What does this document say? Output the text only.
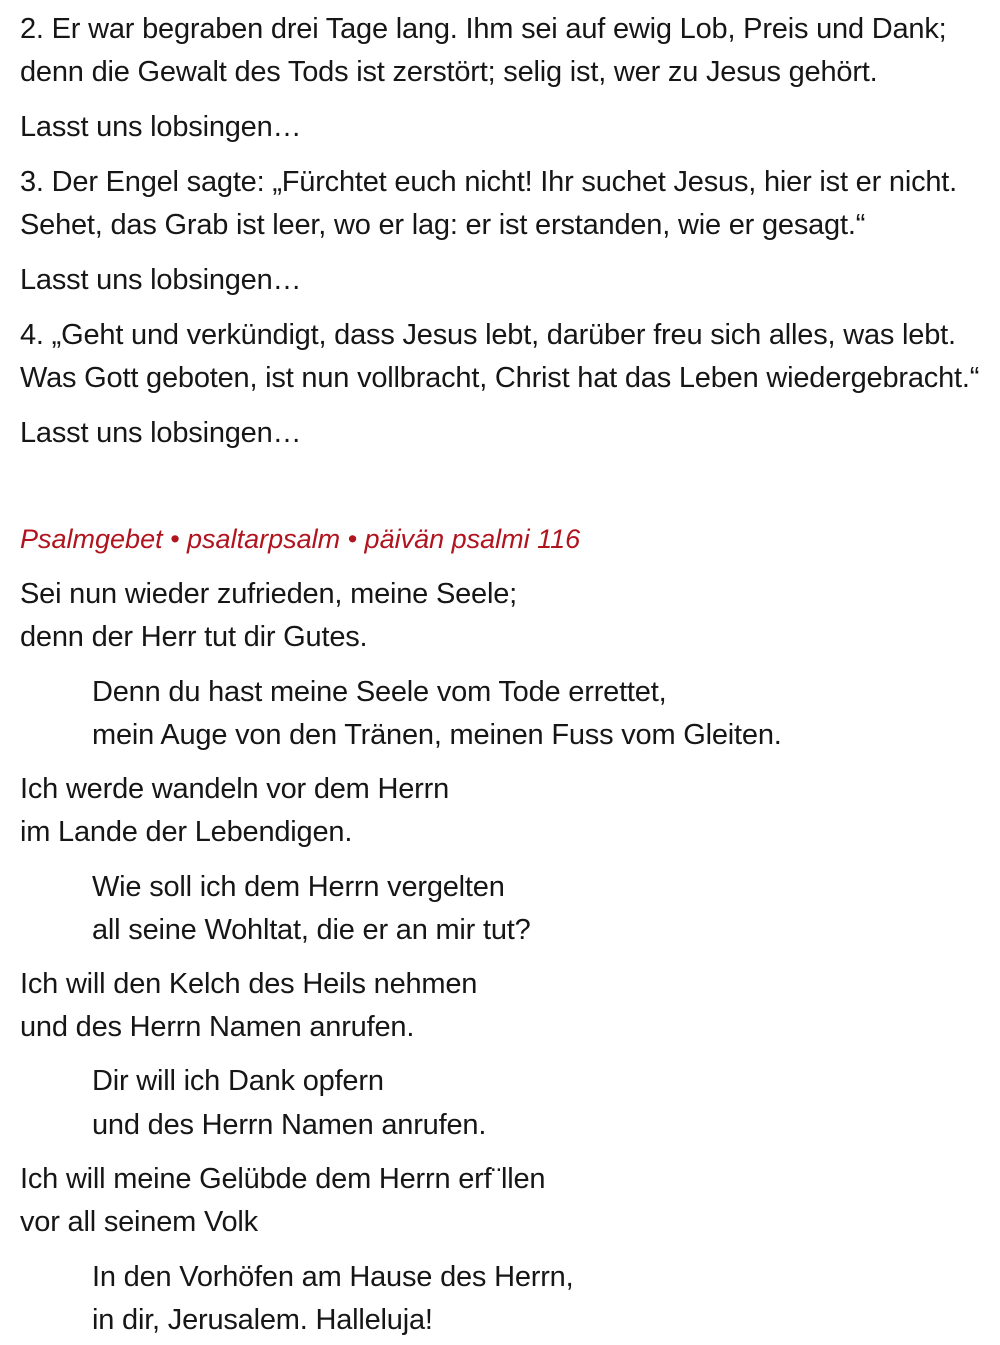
2. Er war begraben drei Tage lang. Ihm sei auf ewig Lob, Preis und Dank;
denn die Gewalt des Tods ist zerstört; selig ist, wer zu Jesus gehört.
Lasst uns lobsingen…
3. Der Engel sagte: „Fürchtet euch nicht! Ihr suchet Jesus, hier ist er nicht.
Sehet, das Grab ist leer, wo er lag: er ist erstanden, wie er gesagt.“
Lasst uns lobsingen…
4. „Geht und verkündigt, dass Jesus lebt, darüber freu sich alles, was lebt.
Was Gott geboten, ist nun vollbracht, Christ hat das Leben wiedergebracht.“
Lasst uns lobsingen…
Psalmgebet • psaltarpsalm • päivän psalmi 116
Sei nun wieder zufrieden, meine Seele;
denn der Herr tut dir Gutes.
Denn du hast meine Seele vom Tode errettet,
mein Auge von den Tränen, meinen Fuss vom Gleiten.
Ich werde wandeln vor dem Herrn
im Lande der Lebendigen.
Wie soll ich dem Herrn vergelten
all seine Wohltat, die er an mir tut?
Ich will den Kelch des Heils nehmen
und des Herrn Namen anrufen.
Dir will ich Dank opfern
und des Herrn Namen anrufen.
Ich will meine Gelübde dem Herrn erf¨llen
vor all seinem Volk
In den Vorhöfen am Hause des Herrn,
in dir, Jerusalem. Halleluja!
